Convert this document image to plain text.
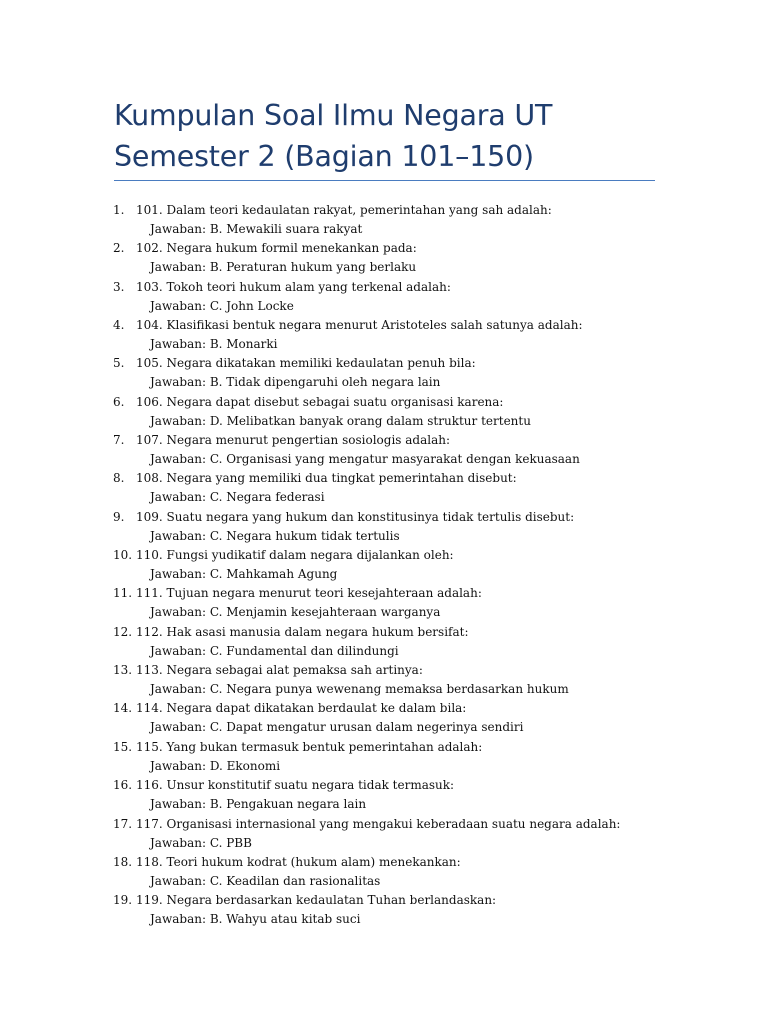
Kumpulan Soal Ilmu Negara UT Semester 2 (Bagian 101–150)
1. 101. Dalam teori kedaulatan rakyat, pemerintahan yang sah adalah:
Jawaban: B. Mewakili suara rakyat
2. 102. Negara hukum formil menekankan pada:
Jawaban: B. Peraturan hukum yang berlaku
3. 103. Tokoh teori hukum alam yang terkenal adalah:
Jawaban: C. John Locke
4. 104. Klasifikasi bentuk negara menurut Aristoteles salah satunya adalah:
Jawaban: B. Monarki
5. 105. Negara dikatakan memiliki kedaulatan penuh bila:
Jawaban: B. Tidak dipengaruhi oleh negara lain
6. 106. Negara dapat disebut sebagai suatu organisasi karena:
Jawaban: D. Melibatkan banyak orang dalam struktur tertentu
7. 107. Negara menurut pengertian sosiologis adalah:
Jawaban: C. Organisasi yang mengatur masyarakat dengan kekuasaan
8. 108. Negara yang memiliki dua tingkat pemerintahan disebut:
Jawaban: C. Negara federasi
9. 109. Suatu negara yang hukum dan konstitusinya tidak tertulis disebut:
Jawaban: C. Negara hukum tidak tertulis
10. 110. Fungsi yudikatif dalam negara dijalankan oleh:
Jawaban: C. Mahkamah Agung
11. 111. Tujuan negara menurut teori kesejahteraan adalah:
Jawaban: C. Menjamin kesejahteraan warganya
12. 112. Hak asasi manusia dalam negara hukum bersifat:
Jawaban: C. Fundamental dan dilindungi
13. 113. Negara sebagai alat pemaksa sah artinya:
Jawaban: C. Negara punya wewenang memaksa berdasarkan hukum
14. 114. Negara dapat dikatakan berdaulat ke dalam bila:
Jawaban: C. Dapat mengatur urusan dalam negerinya sendiri
15. 115. Yang bukan termasuk bentuk pemerintahan adalah:
Jawaban: D. Ekonomi
16. 116. Unsur konstitutif suatu negara tidak termasuk:
Jawaban: B. Pengakuan negara lain
17. 117. Organisasi internasional yang mengakui keberadaan suatu negara adalah:
Jawaban: C. PBB
18. 118. Teori hukum kodrat (hukum alam) menekankan:
Jawaban: C. Keadilan dan rasionalitas
19. 119. Negara berdasarkan kedaulatan Tuhan berlandaskan:
Jawaban: B. Wahyu atau kitab suci
